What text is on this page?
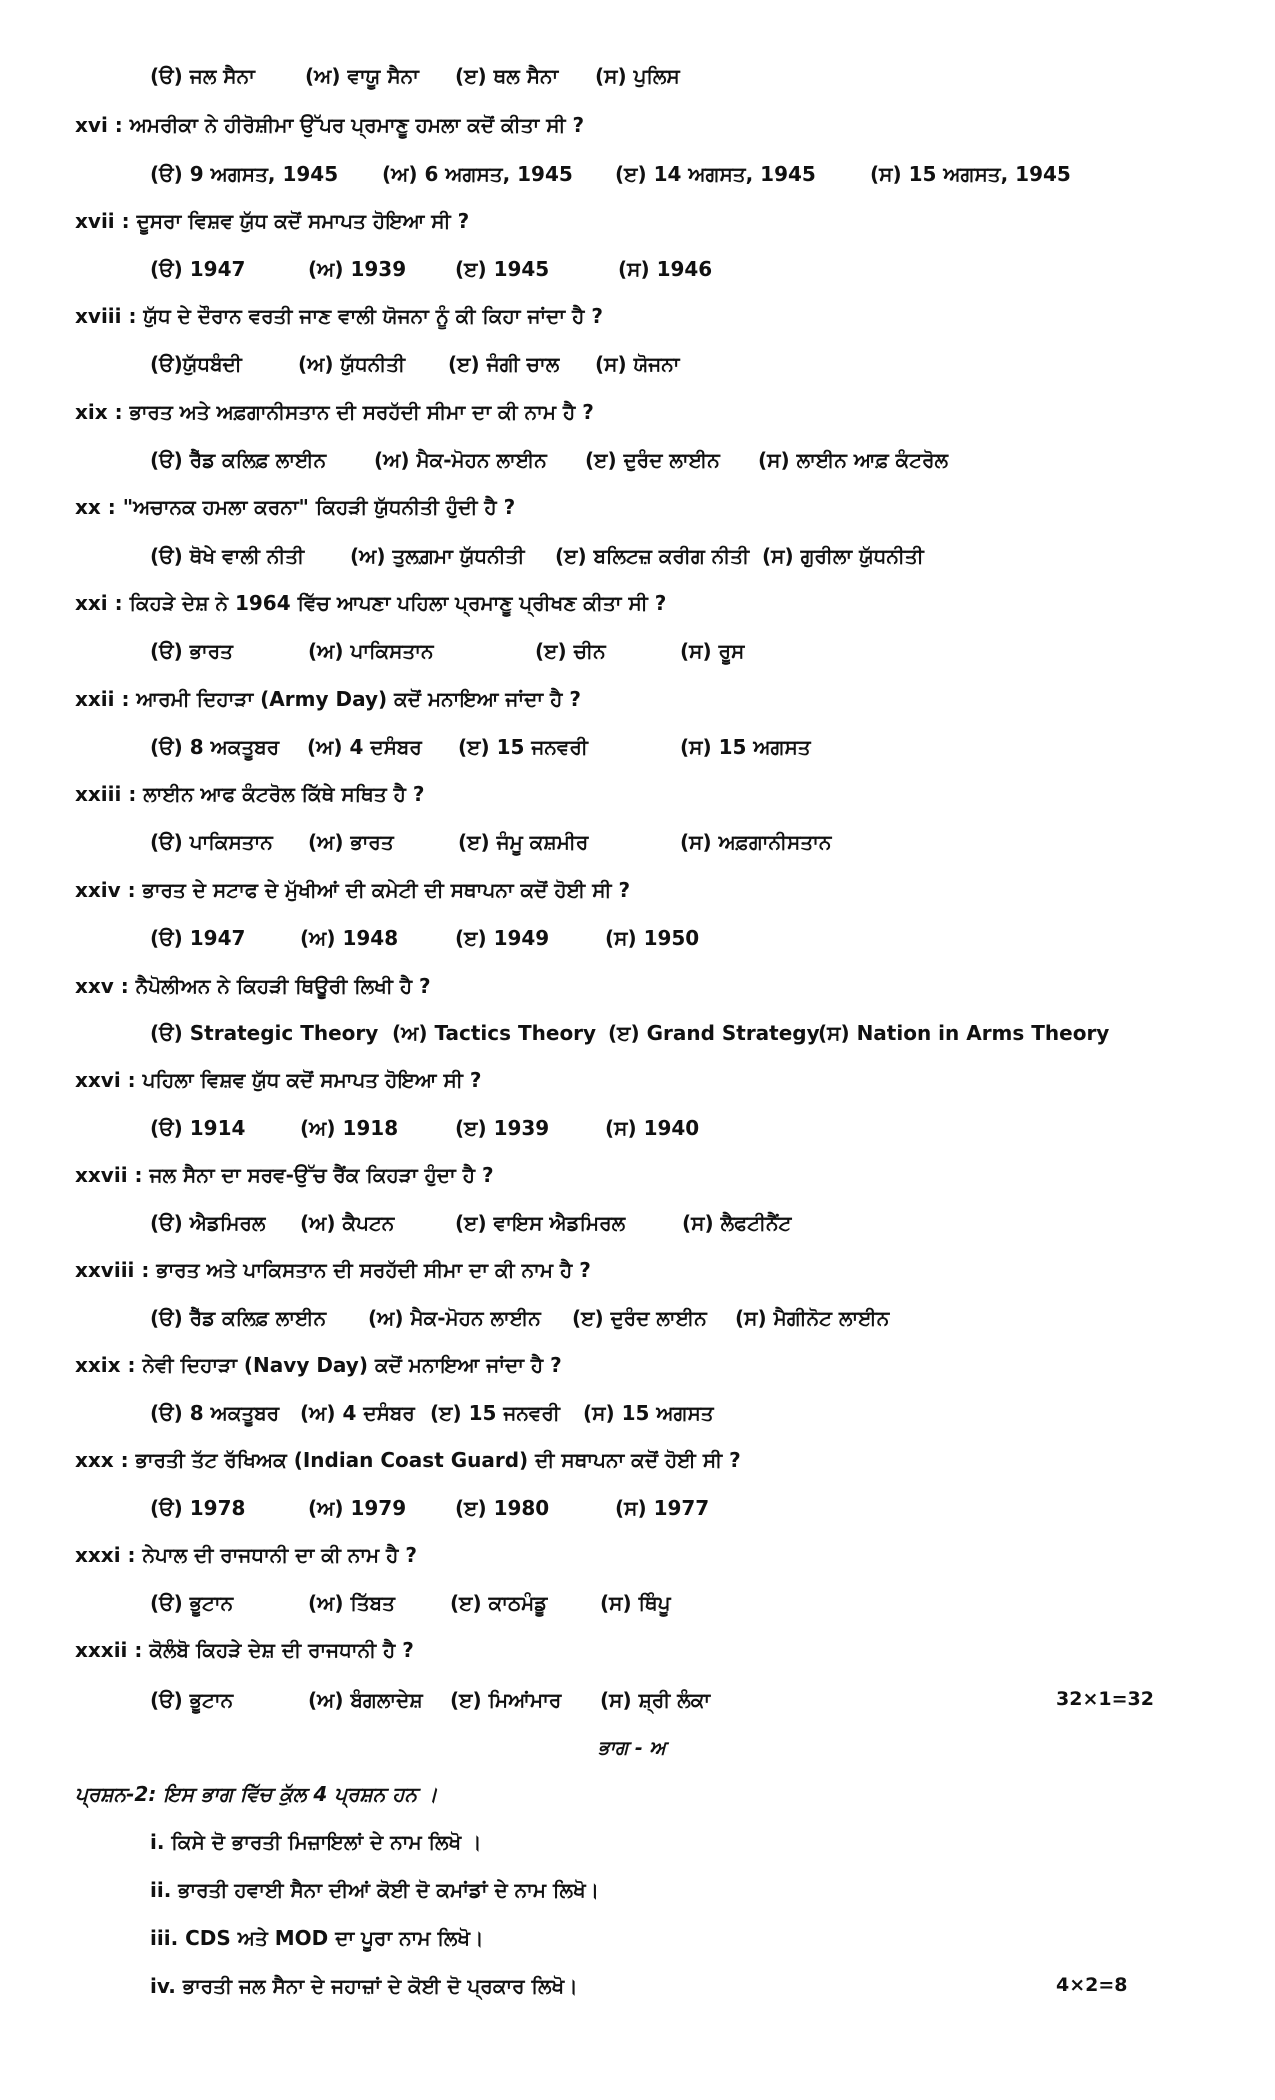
(ੳ) ਜਲ ਸੈਨਾ	(ਅ) ਵਾਯੂ ਸੈਨਾ (ੲ) ਥਲ ਸੈਨਾ (ਸ) ਪੁਲਿਸ
xvi : ਅਮਰੀਕਾ ਨੇ ਹੀਰੋਸ਼ੀਮਾ ਉੱਪਰ ਪ੍ਰਮਾਣੂ ਹਮਲਾ ਕਦੋਂ ਕੀਤਾ ਸੀ ?
(ੳ) 9 ਅਗਸਤ, 1945 (ਅ) 6 ਅਗਸਤ, 1945 (ੲ) 14 ਅਗਸਤ, 1945	(ਸ) 15 ਅਗਸਤ, 1945
xvii : ਦੂਸਰਾ ਵਿਸ਼ਵ ਯੁੱਧ ਕਦੋਂ ਸਮਾਪਤ ਹੋਇਆ ਸੀ ?
(ੳ) 1947	(ਅ) 1939 (ੲ) 1945	(ਸ) 1946
xviii : ਯੁੱਧ ਦੇ ਦੌਰਾਨ ਵਰਤੀ ਜਾਣ ਵਾਲੀ ਯੋਜਨਾ ਨੂੰ ਕੀ ਕਿਹਾ ਜਾਂਦਾ ਹੈ ?
(ੳ)ਯੁੱਧਬੰਦੀ	(ਅ) ਯੁੱਧਨੀਤੀ (ੲ) ਜੰਗੀ ਚਾਲ (ਸ) ਯੋਜਨਾ
xix : ਭਾਰਤ ਅਤੇ ਅਫ਼ਗਾਨੀਸਤਾਨ ਦੀ ਸਰਹੱਦੀ ਸੀਮਾ ਦਾ ਕੀ ਨਾਮ ਹੈ ?
(ੳ) ਰੈੱਡ ਕਲਿਫ਼ ਲਾਈਨ (ਅ) ਮੈਕ-ਮੋਹਨ ਲਾਈਨ (ੲ) ਦੁਰੰਦ ਲਾਈਨ (ਸ) ਲਾਈਨ ਆਫ਼ ਕੰਟਰੋਲ
xx : "ਅਚਾਨਕ ਹਮਲਾ ਕਰਨਾ" ਕਿਹੜੀ ਯੁੱਧਨੀਤੀ ਹੁੰਦੀ ਹੈ ?
(ੳ) ਥੋਖੇ ਵਾਲੀ ਨੀਤੀ (ਅ) ਤੁਲਗ਼ਮਾ ਯੁੱਧਨੀਤੀ (ੲ) ਬਲਿਟਜ਼ ਕਰੀਗ ਨੀਤੀ (ਸ) ਗੁਰੀਲਾ ਯੁੱਧਨੀਤੀ
xxi : ਕਿਹੜੇ ਦੇਸ਼ ਨੇ 1964 ਵਿੱਚ ਆਪਣਾ ਪਹਿਲਾ ਪ੍ਰਮਾਣੂ ਪ੍ਰੀਖਣ ਕੀਤਾ ਸੀ ?
(ੳ) ਭਾਰਤ	(ਅ) ਪਾਕਿਸਤਾਨ	(ੲ) ਚੀਨ	(ਸ) ਰੂਸ
xxii : ਆਰਮੀ ਦਿਹਾੜਾ (Army Day) ਕਦੋਂ ਮਨਾਇਆ ਜਾਂਦਾ ਹੈ ?
(ੳ) 8 ਅਕਤੂਬਰ (ਅ) 4 ਦਸੰਬਰ (ੲ) 15 ਜਨਵਰੀ	(ਸ) 15 ਅਗਸਤ
xxiii : ਲਾਈਨ ਆਫ ਕੰਟਰੋਲ ਕਿੱਥੇ ਸਥਿਤ ਹੈ ?
(ੳ) ਪਾਕਿਸਤਾਨ (ਅ) ਭਾਰਤ	(ੲ) ਜੰਮੂ ਕਸ਼ਮੀਰ	(ਸ) ਅਫ਼ਗਾਨੀਸਤਾਨ
xxiv : ਭਾਰਤ ਦੇ ਸਟਾਫ ਦੇ ਮੁੱਖੀਆਂ ਦੀ ਕਮੇਟੀ ਦੀ ਸਥਾਪਨਾ ਕਦੋਂ ਹੋਈ ਸੀ ?
(ੳ) 1947	(ਅ) 1948	(ੲ) 1949	(ਸ) 1950
xxv : ਨੈਪੋਲੀਅਨ ਨੇ ਕਿਹੜੀ ਥਿਊਰੀ ਲਿਖੀ ਹੈ ?
(ੳ) Strategic Theory (ਅ) Tactics Theory (ੲ) Grand Strategy
(ਸ) Nation in Arms Theory
xxvi : ਪਹਿਲਾ ਵਿਸ਼ਵ ਯੁੱਧ ਕਦੋਂ ਸਮਾਪਤ ਹੋਇਆ ਸੀ ?
(ੳ) 1914	(ਅ) 1918	(ੲ) 1939	(ਸ) 1940
xxvii : ਜਲ ਸੈਨਾ ਦਾ ਸਰਵ-ਉੱਚ ਰੈਂਕ ਕਿਹੜਾ ਹੁੰਦਾ ਹੈ ?
(ੳ) ਐਡਮਿਰਲ (ਅ) ਕੈਪਟਨ	(ੲ) ਵਾਇਸ ਐਡਮਿਰਲ	(ਸ) ਲੈਫਟੀਨੈਂਟ
xxviii : ਭਾਰਤ ਅਤੇ ਪਾਕਿਸਤਾਨ ਦੀ ਸਰਹੱਦੀ ਸੀਮਾ ਦਾ ਕੀ ਨਾਮ ਹੈ ?
(ੳ) ਰੈੱਡ ਕਲਿਫ਼ ਲਾਈਨ (ਅ) ਮੈਕ-ਮੋਹਨ ਲਾਈਨ (ੲ) ਦੁਰੰਦ ਲਾਈਨ (ਸ) ਮੈਗੀਨੋਟ ਲਾਈਨ
xxix : ਨੇਵੀ ਦਿਹਾੜਾ (Navy Day) ਕਦੋਂ ਮਨਾਇਆ ਜਾਂਦਾ ਹੈ ?
(ੳ) 8 ਅਕਤੂਬਰ (ਅ) 4 ਦਸੰਬਰ (ੲ) 15 ਜਨਵਰੀ (ਸ) 15 ਅਗਸਤ
xxx : ਭਾਰਤੀ ਤੱਟ ਰੱਖਿਅਕ (Indian Coast Guard) ਦੀ ਸਥਾਪਨਾ ਕਦੋਂ ਹੋਈ ਸੀ ?
(ੳ) 1978	(ਅ) 1979 (ੲ) 1980	(ਸ) 1977
xxxi : ਨੇਪਾਲ ਦੀ ਰਾਜਧਾਨੀ ਦਾ ਕੀ ਨਾਮ ਹੈ ?
(ੳ) ਭੂਟਾਨ	(ਅ) ਤਿੱਬਤ	(ੲ) ਕਾਠਮੰਡੂ	(ਸ) ਥਿੰਪੂ
xxxii : ਕੋਲੰਬੋ ਕਿਹੜੇ ਦੇਸ਼ ਦੀ ਰਾਜਧਾਨੀ ਹੈ ?
(ੳ) ਭੂਟਾਨ	(ਅ) ਬੰਗਲਾਦੇਸ਼ (ੲ) ਮਿਆਂਮਾਰ (ਸ) ਸ਼੍ਰੀ ਲੰਕਾ	32×1=32
ਭਾਗ - ਅ
ਪ੍ਰਸ਼ਨ-2: ਇਸ ਭਾਗ ਵਿੱਚ ਕੁੱਲ 4 ਪ੍ਰਸ਼ਨ ਹਨ ।
i. ਕਿਸੇ ਦੋ ਭਾਰਤੀ ਮਿਜ਼ਾਇਲਾਂ ਦੇ ਨਾਮ ਲਿਖੋ ।
ii. ਭਾਰਤੀ ਹਵਾਈ ਸੈਨਾ ਦੀਆਂ ਕੋਈ ਦੋ ਕਮਾਂਡਾਂ ਦੇ ਨਾਮ ਲਿਖੋ।
iii. CDS ਅਤੇ MOD ਦਾ ਪੂਰਾ ਨਾਮ ਲਿਖੋ।
iv. ਭਾਰਤੀ ਜਲ ਸੈਨਾ ਦੇ ਜਹਾਜ਼ਾਂ ਦੇ ਕੋਈ ਦੋ ਪ੍ਰਕਾਰ ਲਿਖੋ।	4×2=8
